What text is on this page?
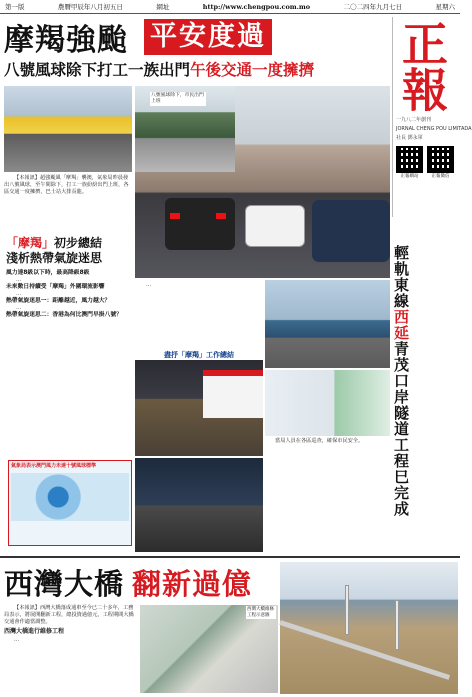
第一版	農曆甲辰年八月初五日	網址	http://www.chengpou.com.mo	二〇二四年九月七日	星期六
摩羯強颱 平安度過
八號風球除下打工一族出門午後交通一度擁擠	正報
一九八二年創刊
JORNAL CHENG POU LIMITADA
社長 鄧永軍
正報網站	正報微信
八號風球除下，市民出門上班

【本報訊】超強颱風「摩羯」襲澳，氣象局昨晨發出八號風球，至午間除下，打工一族紛紛出門上班，各區交通一度擁擠，巴士站大排長龍。

「摩羯」初步總結
淺析熱帶氣旋迷思
風力達8級以下時，最高降級8級

…

未來數日持續受「摩羯」外圍環流影響

…

熱帶氣旋迷思一：距離越近，風力越大？

…

熱帶氣旋迷思二：香港為何比澳門早掛八號？
氣象局表示澳門風力未達十號風球標準

…

盡抒「摩羯」工作總結

當局人員在各區巡查，確保市民安全。

輕軌東線西延青茂口岸隧道工程巳完成
西灣大橋 翻新過億

【本報訊】西灣大橋落成通車至今已二十多年，工務局表示，將展開翻新工程，總投資過億元，工程期間大橋交通會作適當調整。

西灣大橋進行維修工程

…

西灣大橋維修工程示意圖
